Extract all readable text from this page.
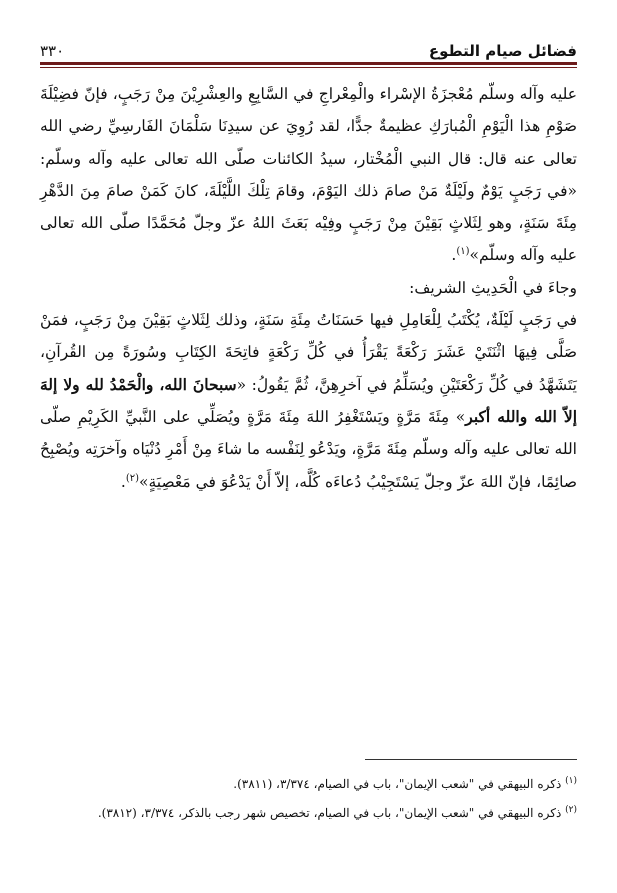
فضائل صيام التطوع
٣٣٠

عليه وآله وسلّم مُعْجزَةُ الإسْراء والْمِعْراجِ في السَّابِعِ والعِشْرِيْنَ مِنْ رَجَبٍ، فإنّ فضِيْلَةَ صَوْمِ هذا الْيَوْمِ الْمُبارَكِ عظيمةٌ جدًّا، لقد رُوِيَ عن سيدِنَا سَلْمَانَ الفَارسِيِّ رضي الله تعالى عنه قال: قال النبي الْمُخْتار، سيدُ الكائنات صلّى الله تعالى عليه وآله وسلّم: «في رَجَبٍ يَوْمٌ ولَيْلَةٌ مَنْ صامَ ذلك اليَوْمَ، وقامَ تِلْكَ اللَّيْلَةَ، كانَ كَمَنْ صامَ مِنَ الدَّهْرِ مِئَةَ سَنَةٍ، وهو لِثَلاثٍ بَقِيْنَ مِنْ رَجَبٍ وفِيْه بَعَثَ اللهُ عزّ وجلّ مُحَمَّدًا صلّى الله تعالى عليه وآله وسلّم»$^{(١)}$.

وجاءَ في الْحَدِيثِ الشريف:

في رَجَبٍ لَيْلَةٌ، يُكْتَبُ لِلْعَامِلِ فيها حَسَنَاتُ مِئَةِ سَنَةٍ، وذلك لِثَلاثٍ بَقِيْنَ مِنْ رَجَبٍ، فمَنْ صَلَّى فِيهَا اثْنَتَيْ عَشَرَ رَكْعَةً يَقْرَأُ في كُلِّ رَكْعَةٍ فاتِحَةَ الكِتَابِ وسُورَةً مِن القُرآنِ، يَتَشَهَّدُ في كُلِّ رَكْعَتَيْنِ ويُسَلِّمُ في آخرِهِنَّ، ثُمَّ يَقُولُ: «سبحانَ الله، والْحَمْدُ لله ولا إلهَ إلاّ الله والله أكبر» مِئَةَ مَرَّةٍ ويَسْتَغْفِرُ اللهَ مِئَةَ مَرَّةٍ ويُصَلِّي على النَّبيِّ الكَرِيْمِ صلّى الله تعالى عليه وآله وسلّم مِئَةَ مَرَّةٍ، ويَدْعُو لِنَفْسه ما شاءَ مِنْ أَمْرِ دُنْيَاه وآخرَتِه ويُصْبِحُ صائِمًا، فإنّ اللهَ عزّ وجلّ يَسْتَجِيْبُ دُعاءَه كُلَّه، إلاّ أَنْ يَدْعُوَ في مَعْصِيَةٍ»$^{(٢)}$.

$^{(١)}$ ذكره البيهقي في "شعب الإيمان"، باب في الصيام، ٣/٣٧٤، (٣٨١١).

$^{(٢)}$ ذكره البيهقي في "شعب الإيمان"، باب في الصيام، تخصيص شهر رجب بالذكر، ٣/٣٧٤، (٣٨١٢).
